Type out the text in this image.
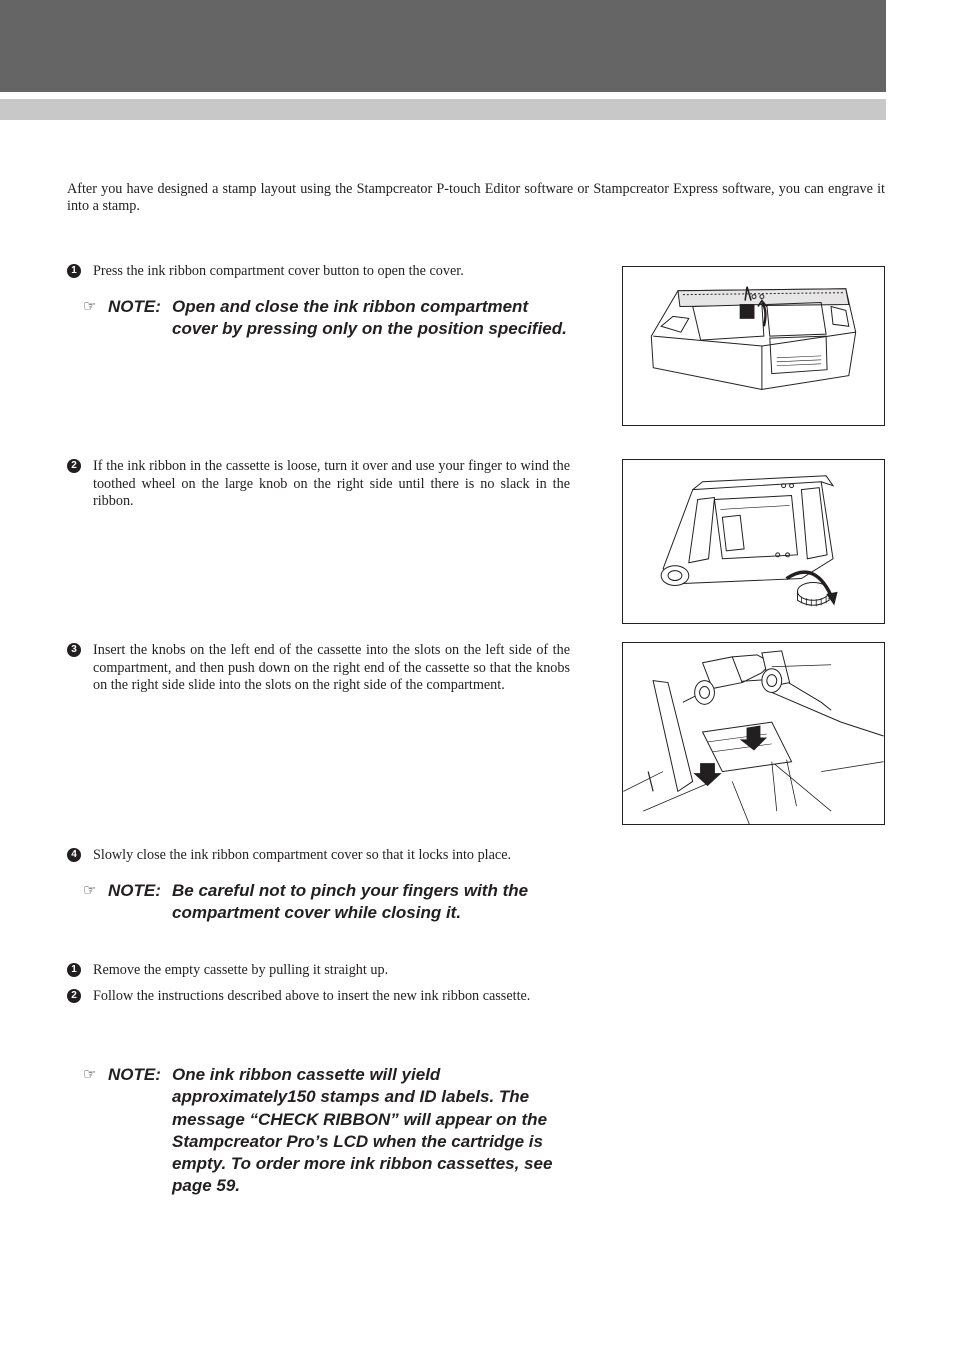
After you have designed a stamp layout using the Stampcreator P-touch Editor software or Stampcreator Express software, you can engrave it into a stamp.

1 Press the ink ribbon compartment cover button to open the cover.
☞ NOTE: Open and close the ink ribbon compartment cover by pressing only on the position specified.
2 If the ink ribbon in the cassette is loose, turn it over and use your finger to wind the toothed wheel on the large knob on the right side until there is no slack in the ribbon.
3 Insert the knobs on the left end of the cassette into the slots on the left side of the compartment, and then push down on the right end of the cassette so that the knobs on the right side slide into the slots on the right side of the compartment.
4 Slowly close the ink ribbon compartment cover so that it locks into place.
☞ NOTE: Be careful not to pinch your fingers with the compartment cover while closing it.
1 Remove the empty cassette by pulling it straight up.
2 Follow the instructions described above to insert the new ink ribbon cassette.
☞ NOTE: One ink ribbon cassette will yield approximately150 stamps and ID labels. The message “CHECK RIBBON” will appear on the Stampcreator Pro’s LCD when the cartridge is empty. To order more ink ribbon cassettes, see page 59.
